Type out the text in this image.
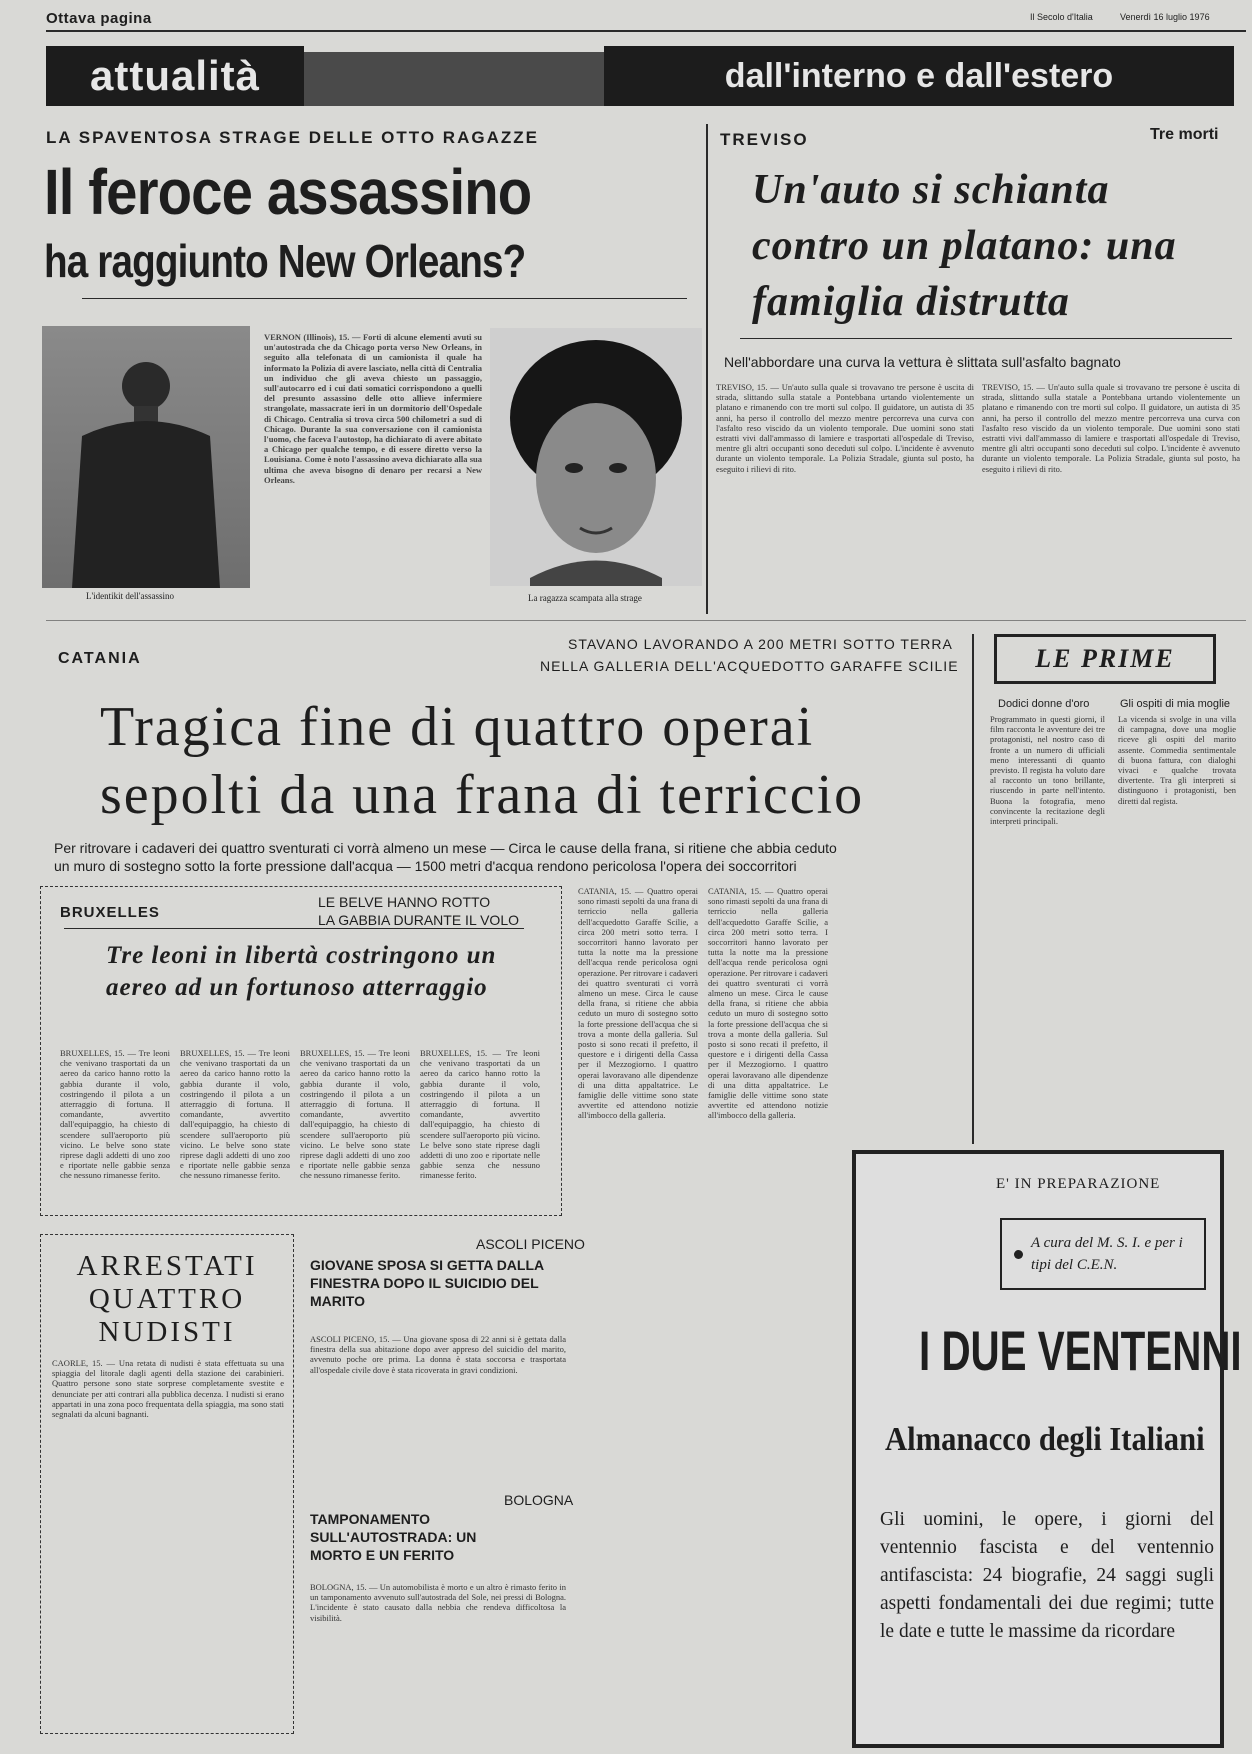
Ottava pagina	Il Secolo d'Italia	Venerdì 16 luglio 1976
attualità	dall'interno e dall'estero
LA SPAVENTOSA STRAGE DELLE OTTO RAGAZZE
Il feroce assassino
ha raggiunto New Orleans?
L'identikit dell'assassino
VERNON (Illinois), 15. — Forti di alcune elementi avuti su un'autostrada che da Chicago porta verso New Orleans, in seguito alla telefonata di un camionista il quale ha informato la Polizia di avere lasciato, nella città di Centralia un individuo che gli aveva chiesto un passaggio, sull'autocarro ed i cui dati somatici corrispondono a quelli del presunto assassino delle otto allieve infermiere strangolate, massacrate ieri in un dormitorio dell'Ospedale di Chicago. Centralia si trova circa 500 chilometri a sud di Chicago. Durante la sua conversazione con il camionista l'uomo, che faceva l'autostop, ha dichiarato di avere abitato a Chicago per qualche tempo, e di essere diretto verso la Louisiana. Come è noto l'assassino aveva dichiarato alla sua ultima che aveva bisogno di denaro per recarsi a New Orleans.
La ragazza scampata alla strage
TREVISO	Tre morti
Un'auto si schianta contro un platano: una famiglia distrutta
Nell'abbordare una curva la vettura è slittata sull'asfalto bagnato
TREVISO, 15. — Un'auto sulla quale si trovavano tre persone è uscita di strada, slittando sulla statale a Pontebbana urtando violentemente un platano e rimanendo con tre morti sul colpo. Il guidatore, un autista di 35 anni, ha perso il controllo del mezzo mentre percorreva una curva con l'asfalto reso viscido da un violento temporale. Due uomini sono stati estratti vivi dall'ammasso di lamiere e trasportati all'ospedale di Treviso, mentre gli altri occupanti sono deceduti sul colpo. L'incidente è avvenuto durante un violento temporale. La Polizia Stradale, giunta sul posto, ha eseguito i rilievi di rito.
TREVISO, 15. — Un'auto sulla quale si trovavano tre persone è uscita di strada, slittando sulla statale a Pontebbana urtando violentemente un platano e rimanendo con tre morti sul colpo. Il guidatore, un autista di 35 anni, ha perso il controllo del mezzo mentre percorreva una curva con l'asfalto reso viscido da un violento temporale. Due uomini sono stati estratti vivi dall'ammasso di lamiere e trasportati all'ospedale di Treviso, mentre gli altri occupanti sono deceduti sul colpo. L'incidente è avvenuto durante un violento temporale. La Polizia Stradale, giunta sul posto, ha eseguito i rilievi di rito.
CATANIA
STAVANO LAVORANDO A 200 METRI SOTTO TERRA
NELLA GALLERIA DELL'ACQUEDOTTO GARAFFE SCILIE
Tragica fine di quattro operai
sepolti da una frana di terriccio
Per ritrovare i cadaveri dei quattro sventurati ci vorrà almeno un mese — Circa le cause della frana, si ritiene che abbia ceduto
un muro di sostegno sotto la forte pressione dall'acqua — 1500 metri d'acqua rendono pericolosa l'opera dei soccorritori
CATANIA, 15. — Quattro operai sono rimasti sepolti da una frana di terriccio nella galleria dell'acquedotto Garaffe Scilie, a circa 200 metri sotto terra. I soccorritori hanno lavorato per tutta la notte ma la pressione dell'acqua rende pericolosa ogni operazione. Per ritrovare i cadaveri dei quattro sventurati ci vorrà almeno un mese. Circa le cause della frana, si ritiene che abbia ceduto un muro di sostegno sotto la forte pressione dell'acqua che si trova a monte della galleria. Sul posto si sono recati il prefetto, il questore e i dirigenti della Cassa per il Mezzogiorno. I quattro operai lavoravano alle dipendenze di una ditta appaltatrice. Le famiglie delle vittime sono state avvertite ed attendono notizie all'imbocco della galleria.
CATANIA, 15. — Quattro operai sono rimasti sepolti da una frana di terriccio nella galleria dell'acquedotto Garaffe Scilie, a circa 200 metri sotto terra. I soccorritori hanno lavorato per tutta la notte ma la pressione dell'acqua rende pericolosa ogni operazione. Per ritrovare i cadaveri dei quattro sventurati ci vorrà almeno un mese. Circa le cause della frana, si ritiene che abbia ceduto un muro di sostegno sotto la forte pressione dell'acqua che si trova a monte della galleria. Sul posto si sono recati il prefetto, il questore e i dirigenti della Cassa per il Mezzogiorno. I quattro operai lavoravano alle dipendenze di una ditta appaltatrice. Le famiglie delle vittime sono state avvertite ed attendono notizie all'imbocco della galleria.
LE PRIME
Dodici donne d'oro	Gli ospiti di mia moglie
Programmato in questi giorni, il film racconta le avventure dei tre protagonisti, nel nostro caso di fronte a un numero di ufficiali meno interessanti di quanto previsto. Il regista ha voluto dare al racconto un tono brillante, riuscendo in parte nell'intento. Buona la fotografia, meno convincente la recitazione degli interpreti principali.
La vicenda si svolge in una villa di campagna, dove una moglie riceve gli ospiti del marito assente. Commedia sentimentale di buona fattura, con dialoghi vivaci e qualche trovata divertente. Tra gli interpreti si distinguono i protagonisti, ben diretti dal regista.
BRUXELLES
LE BELVE HANNO ROTTO
LA GABBIA DURANTE IL VOLO
Tre leoni in libertà costringono un aereo ad un fortunoso atterraggio
BRUXELLES, 15. — Tre leoni che venivano trasportati da un aereo da carico hanno rotto la gabbia durante il volo, costringendo il pilota a un atterraggio di fortuna. Il comandante, avvertito dall'equipaggio, ha chiesto di scendere sull'aeroporto più vicino. Le belve sono state riprese dagli addetti di uno zoo e riportate nelle gabbie senza che nessuno rimanesse ferito.
BRUXELLES, 15. — Tre leoni che venivano trasportati da un aereo da carico hanno rotto la gabbia durante il volo, costringendo il pilota a un atterraggio di fortuna. Il comandante, avvertito dall'equipaggio, ha chiesto di scendere sull'aeroporto più vicino. Le belve sono state riprese dagli addetti di uno zoo e riportate nelle gabbie senza che nessuno rimanesse ferito.
BRUXELLES, 15. — Tre leoni che venivano trasportati da un aereo da carico hanno rotto la gabbia durante il volo, costringendo il pilota a un atterraggio di fortuna. Il comandante, avvertito dall'equipaggio, ha chiesto di scendere sull'aeroporto più vicino. Le belve sono state riprese dagli addetti di uno zoo e riportate nelle gabbie senza che nessuno rimanesse ferito.
BRUXELLES, 15. — Tre leoni che venivano trasportati da un aereo da carico hanno rotto la gabbia durante il volo, costringendo il pilota a un atterraggio di fortuna. Il comandante, avvertito dall'equipaggio, ha chiesto di scendere sull'aeroporto più vicino. Le belve sono state riprese dagli addetti di uno zoo e riportate nelle gabbie senza che nessuno rimanesse ferito.
ARRESTATI QUATTRO NUDISTI
CAORLE, 15. — Una retata di nudisti è stata effettuata su una spiaggia del litorale dagli agenti della stazione dei carabinieri. Quattro persone sono state sorprese completamente svestite e denunciate per atti contrari alla pubblica decenza. I nudisti si erano appartati in una zona poco frequentata della spiaggia, ma sono stati segnalati da alcuni bagnanti.
ASCOLI PICENO
GIOVANE SPOSA SI GETTA DALLA FINESTRA DOPO IL SUICIDIO DEL MARITO
ASCOLI PICENO, 15. — Una giovane sposa di 22 anni si è gettata dalla finestra della sua abitazione dopo aver appreso del suicidio del marito, avvenuto poche ore prima. La donna è stata soccorsa e trasportata all'ospedale civile dove è stata ricoverata in gravi condizioni.
BOLOGNA
TAMPONAMENTO SULL'AUTOSTRADA: UN MORTO E UN FERITO
BOLOGNA, 15. — Un automobilista è morto e un altro è rimasto ferito in un tamponamento avvenuto sull'autostrada del Sole, nei pressi di Bologna. L'incidente è stato causato dalla nebbia che rendeva difficoltosa la visibilità.
E' IN PREPARAZIONE
A cura del M. S. I. e per i tipi del C.E.N.
I DUE VENTENNI
Almanacco degli Italiani
Gli uomini, le opere, i giorni del ventennio fascista e del ventennio antifascista: 24 biografie, 24 saggi sugli aspetti fondamentali dei due regimi; tutte le date e tutte le massime da ricordare
